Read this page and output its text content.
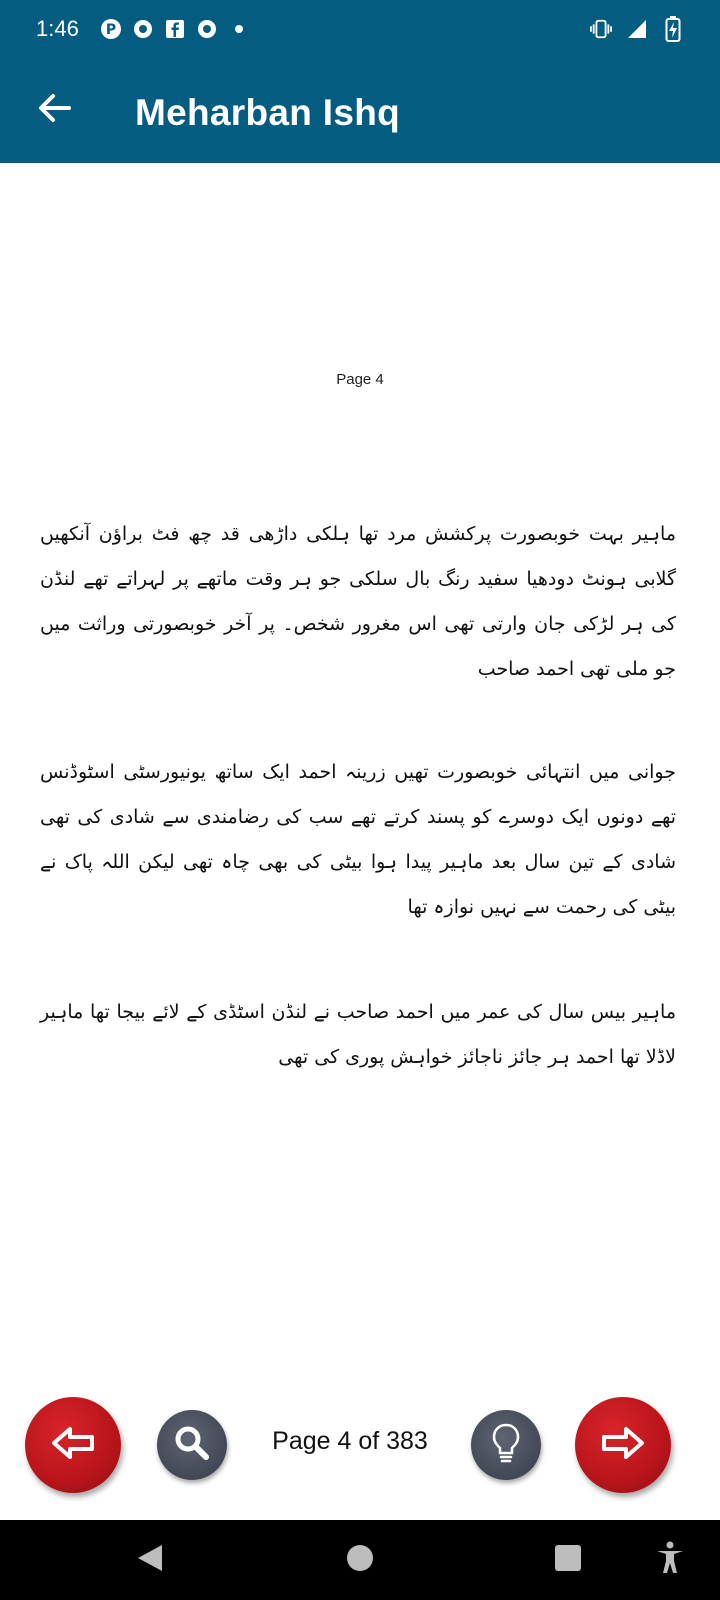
1:46 P
Meharban Ishq
Page 4

ماہیر بہت خوبصورت پرکشش مرد تھا ہلکی داڑھی قد چھ فٹ براؤن آنکھیں گلابی ہونٹ دودھیا سفید رنگ بال سلکی جو ہر وقت ماتھے پر لہراتے تھے لنڈن کی ہر لڑکی جان وارتی تھی اس مغرور شخص۔ پر آخر خوبصورتی وراثت میں جو ملی تھی احمد صاحب

جوانی میں انتہائی خوبصورت تھیں زرینہ احمد ایک ساتھ یونیورسٹی اسٹوڈنس تھے دونوں ایک دوسرے کو پسند کرتے تھے سب کی رضامندی سے شادی کی تھی شادی کے تین سال بعد ماہیر پیدا ہوا بیٹی کی بھی چاہ تھی لیکن اللہ پاک نے بیٹی کی رحمت سے نہیں نوازہ تھا

ماہیر بیس سال کی عمر میں احمد صاحب نے لنڈن اسٹڈی کے لائے بیجا تھا ماہیر لاڈلا تھا احمد ہر جائز ناجائز خواہش پوری کی تھی

Page 4 of 383
